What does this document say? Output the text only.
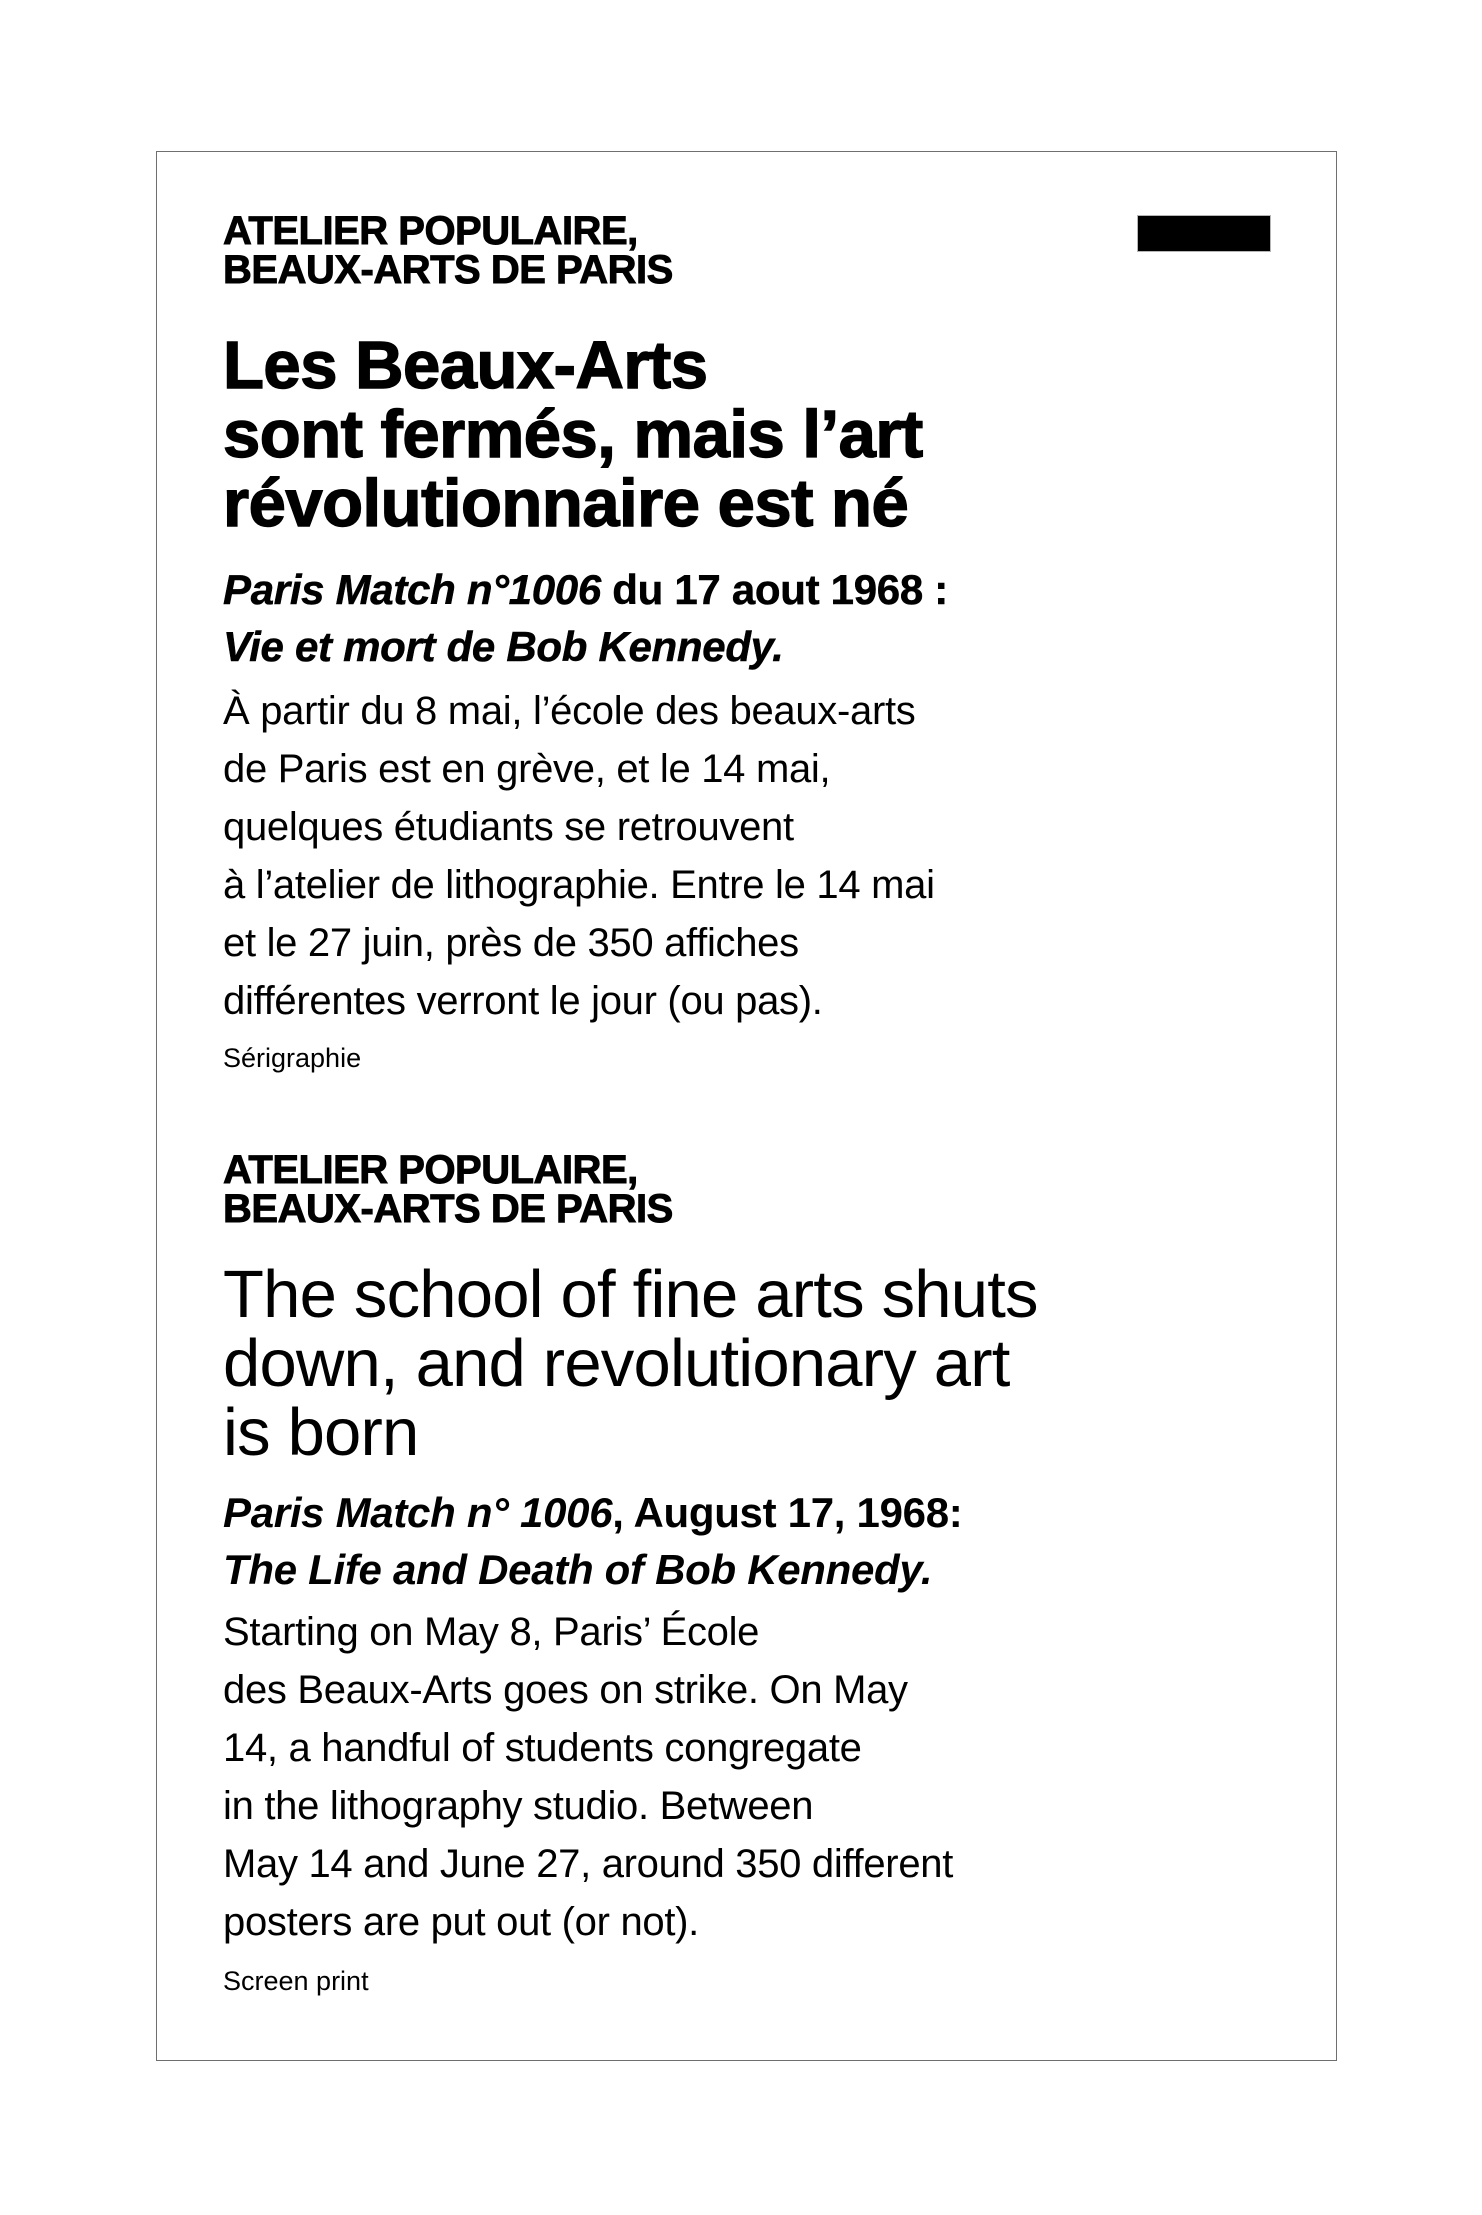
ATELIER POPULAIRE,
BEAUX-ARTS DE PARIS
Les Beaux-Arts
sont fermés, mais l’art
révolutionnaire est né
Paris Match n°1006 du 17 aout 1968 :
Vie et mort de Bob Kennedy.
À partir du 8 mai, l’école des beaux-arts
de Paris est en grève, et le 14 mai,
quelques étudiants se retrouvent
à l’atelier de lithographie. Entre le 14 mai
et le 27 juin, près de 350 affiches
différentes verront le jour (ou pas).
Sérigraphie
ATELIER POPULAIRE,
BEAUX-ARTS DE PARIS
The school of fine arts shuts
down, and revolutionary art
is born
Paris Match n° 1006, August 17, 1968:
The Life and Death of Bob Kennedy.
Starting on May 8, Paris’ École
des Beaux-Arts goes on strike. On May
14, a handful of students congregate
in the lithography studio. Between
May 14 and June 27, around 350 different
posters are put out (or not).
Screen print
